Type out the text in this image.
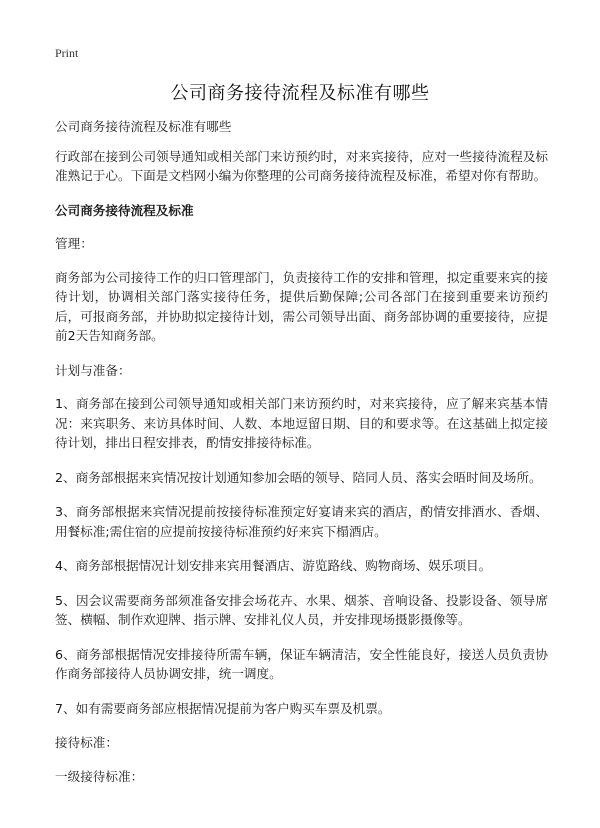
Print
公司商务接待流程及标准有哪些

公司商务接待流程及标准有哪些

行政部在接到公司领导通知或相关部门来访预约时，对来宾接待，应对一些接待流程及标准熟记于心。下面是文档网小编为你整理的公司商务接待流程及标准，希望对你有帮助。

公司商务接待流程及标准

管理：

商务部为公司接待工作的归口管理部门，负责接待工作的安排和管理，拟定重要来宾的接待计划，协调相关部门落实接待任务，提供后勤保障;公司各部门在接到重要来访预约后，可报商务部，并协助拟定接待计划，需公司领导出面、商务部协调的重要接待，应提前2天告知商务部。

计划与准备：

1、商务部在接到公司领导通知或相关部门来访预约时，对来宾接待，应了解来宾基本情况：来宾职务、来访具体时间、人数、本地逗留日期、目的和要求等。在这基础上拟定接待计划，排出日程安排表，酌情安排接待标准。

2、商务部根据来宾情况按计划通知参加会晤的领导、陪同人员、落实会晤时间及场所。

3、商务部根据来宾情况提前按接待标准预定好宴请来宾的酒店，酌情安排酒水、香烟、用餐标准;需住宿的应提前按接待标准预约好来宾下榻酒店。

4、商务部根据情况计划安排来宾用餐酒店、游览路线、购物商场、娱乐项目。

5、因会议需要商务部须准备安排会场花卉、水果、烟茶、音响设备、投影设备、领导席签、横幅、制作欢迎牌、指示牌、安排礼仪人员，并安排现场摄影摄像等。

6、商务部根据情况安排接待所需车辆，保证车辆清洁，安全性能良好，接送人员负责协作商务部接待人员协调安排，统一调度。

7、如有需要商务部应根据情况提前为客户购买车票及机票。

接待标准：

一级接待标准：
